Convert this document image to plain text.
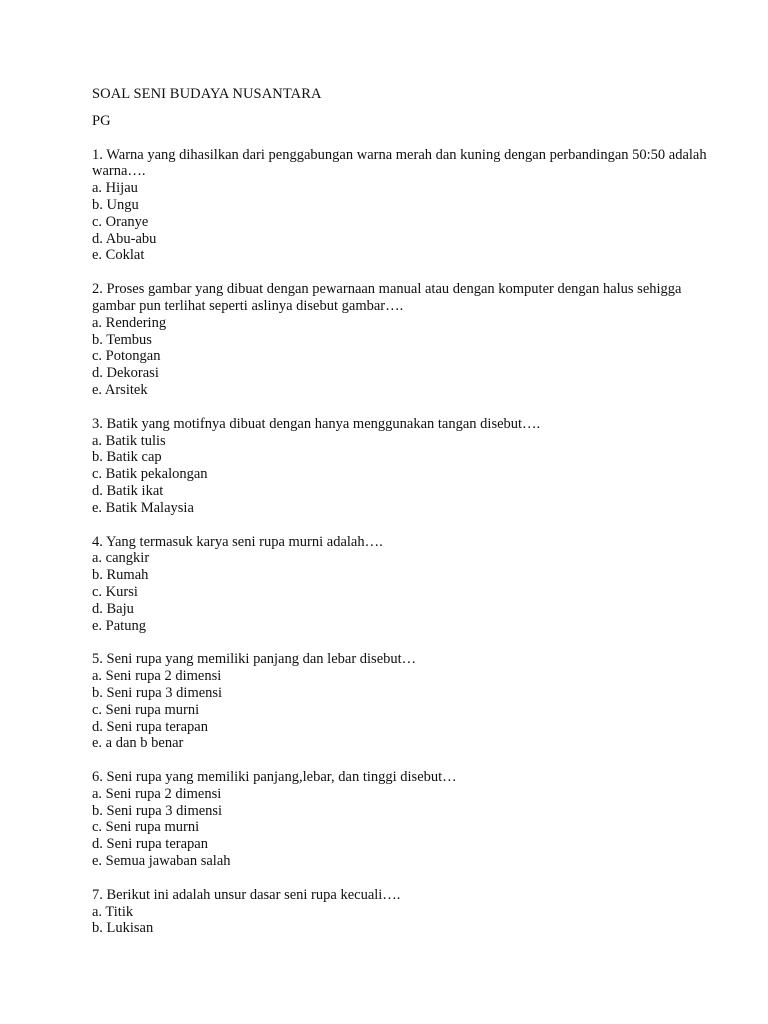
SOAL SENI BUDAYA NUSANTARA
PG

1. Warna yang dihasilkan dari penggabungan warna merah dan kuning dengan perbandingan 50:50 adalah warna….

a. Hijau
b. Ungu
c. Oranye
d. Abu-abu
e. Coklat

2. Proses gambar yang dibuat dengan pewarnaan manual atau dengan komputer dengan halus sehigga gambar pun terlihat seperti aslinya disebut gambar….

a. Rendering
b. Tembus
c. Potongan
d. Dekorasi
e. Arsitek

3. Batik yang motifnya dibuat dengan hanya menggunakan tangan disebut….

a. Batik tulis
b. Batik cap
c. Batik pekalongan
d. Batik ikat
e. Batik Malaysia

4. Yang termasuk karya seni rupa murni adalah….

a. cangkir
b. Rumah
c. Kursi
d. Baju
e. Patung

5. Seni rupa yang memiliki panjang dan lebar disebut…

a. Seni rupa 2 dimensi
b. Seni rupa 3 dimensi
c. Seni rupa murni
d. Seni rupa terapan
e. a dan b benar

6. Seni rupa yang memiliki panjang,lebar, dan tinggi disebut…

a. Seni rupa 2 dimensi
b. Seni rupa 3 dimensi
c. Seni rupa murni
d. Seni rupa terapan
e. Semua jawaban salah

7. Berikut ini adalah unsur dasar seni rupa kecuali….

a. Titik
b. Lukisan
